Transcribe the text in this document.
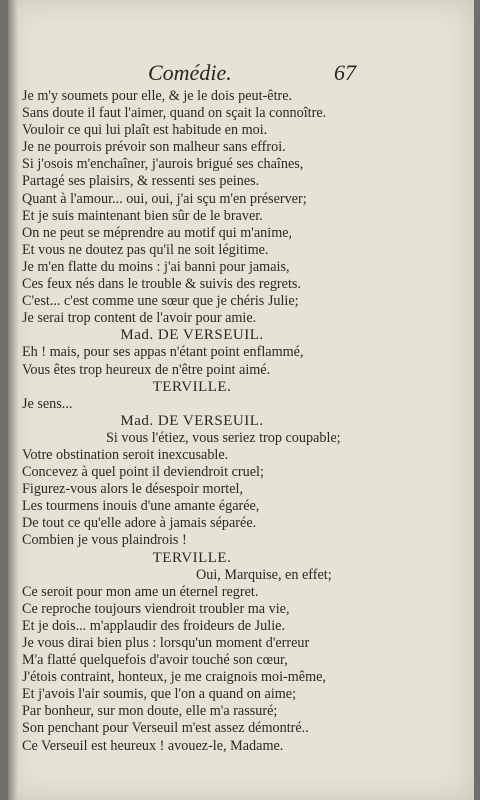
Comédie.	67
Je m'y soumets pour elle, & je le dois peut-être.
Sans doute il faut l'aimer, quand on sçait la connoître.
Vouloir ce qui lui plaît est habitude en moi.
Je ne pourrois prévoir son malheur sans effroi.
Si j'osois m'enchaîner, j'aurois brigué ses chaînes,
Partagé ses plaisirs, & ressenti ses peines.
Quant à l'amour... oui, oui, j'ai sçu m'en préserver;
Et je suis maintenant bien sûr de le braver.
On ne peut se méprendre au motif qui m'anime,
Et vous ne doutez pas qu'il ne soit légitime.
Je m'en flatte du moins : j'ai banni pour jamais,
Ces feux nés dans le trouble & suivis des regrets.
C'est... c'est comme une sœur que je chéris Julie;
Je serai trop content de l'avoir pour amie.
Mad. DE VERSEUIL.
Eh ! mais, pour ses appas n'étant point enflammé,
Vous êtes trop heureux de n'être point aimé.
TERVILLE.
Je sens...
Mad. DE VERSEUIL.
Si vous l'étiez, vous seriez trop coupable;
Votre obstination seroit inexcusable.
Concevez à quel point il deviendroit cruel;
Figurez-vous alors le désespoir mortel,
Les tourmens inouis d'une amante égarée,
De tout ce qu'elle adore à jamais séparée.
Combien je vous plaindrois !
TERVILLE.
Oui, Marquise, en effet;
Ce seroit pour mon ame un éternel regret.
Ce reproche toujours viendroit troubler ma vie,
Et je dois... m'applaudir des froideurs de Julie.
Je vous dirai bien plus : lorsqu'un moment d'erreur
M'a flatté quelquefois d'avoir touché son cœur,
J'étois contraint, honteux, je me craignois moi-même,
Et j'avois l'air soumis, que l'on a quand on aime;
Par bonheur, sur mon doute, elle m'a rassuré;
Son penchant pour Verseuil m'est assez démontré..
Ce Verseuil est heureux ! avouez-le, Madame.
